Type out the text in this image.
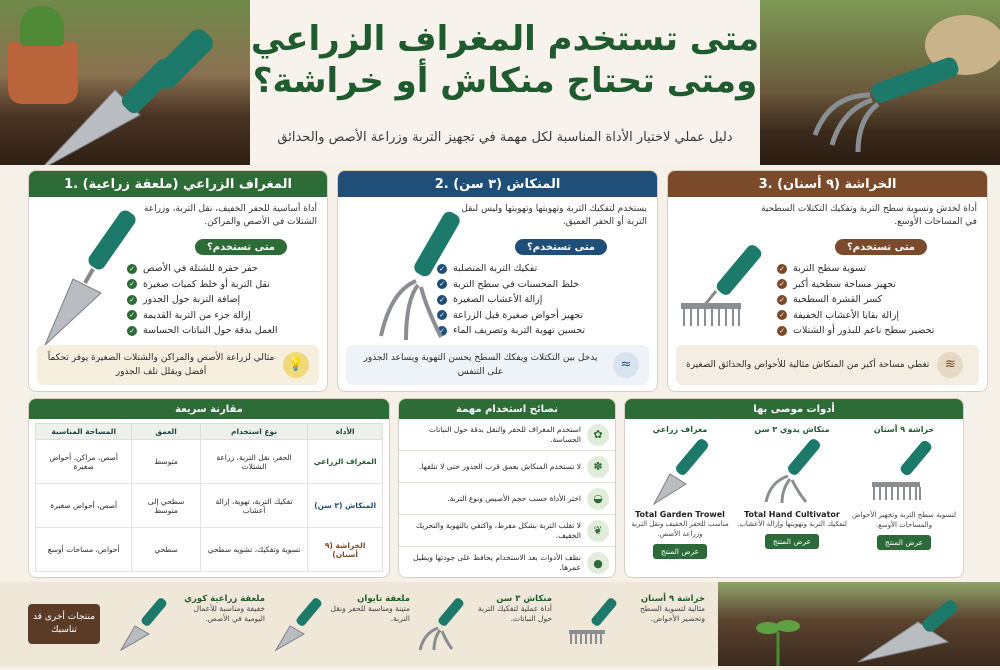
متى تستخدم المغراف الزراعي
ومتى تحتاج منكاش أو خراشة؟
دليل عملي لاختيار الأداة المناسبة لكل مهمة في تجهيز التربة وزراعة الأصص والحدائق
3. الخراشة (٩ أسنان)
أداة لخدش وتسوية سطح التربة وتفكيك التكتلات السطحية في المساحات الأوسع.
متى تستخدم؟
✓ تسوية سطح التربة
✓ تجهيز مساحة سطحية أكبر
✓ كسر القشرة السطحية
✓ إزالة بقايا الأعشاب الخفيفة
✓ تحضير سطح ناعم للبذور أو الشتلات
≋
تغطي مساحة أكبر من المنكاش مثالية للأحواض والحدائق الصغيرة
2. المنكاش (٣ سن)
يستخدم لتفكيك التربة وتهويتها وتهويتها وليس لنقل التربة أو الحفر العميق.
متى تستخدم؟
✓ تفكيك التربة المتصلبة
✓ خلط المحسنات في سطح التربة
✓ إزالة الأعشاب الصغيرة
✓ تجهيز أحواض صغيرة قبل الزراعة
✓ تحسين تهوية التربة وتصريف الماء
≈
يدخل بين التكتلات ويفكك السطح يحسن التهوية ويساعد الجذور على التنفس
1. المغراف الزراعي (ملعقة زراعية)
أداة أساسية للحفر الخفيف، نقل التربة، وزراعة الشتلات في الأصص والمراكن.
متى تستخدم؟
✓ حفر حفرة للشتلة في الأصص
✓ نقل التربة أو خلط كميات صغيرة
✓ إضافة التربة حول الجذور
✓ إزالة جزء من التربة القديمة
✓ العمل بدقة حول النباتات الحساسة
💡
مثالي لزراعة الأصص والمراكن والشتلات الصغيرة يوفر تحكماً أفضل ويقلل تلف الجذور
مقارنة سريعة
الأداة	نوع استخدام	العمق	المساحة المناسبة
المغراف الزراعي	الحفر، نقل التربة، زراعة الشتلات	متوسط	أصص، مراكن، أحواض صغيرة
المنكاش (٣ سن)	تفكيك التربة، تهوية، إزالة أعشاب	سطحي إلى متوسط	أصص، أحواض صغيرة
الخراشة (٩ أسنان)	تسوية وتفكيك، تشويه سطحي	سطحي	أحواض، مساحات أوسع
نصائح استخدام مهمة
✿
استخدم المغراف للحفر والنقل بدقة حول النباتات الحساسة.
✽
لا تستخدم المنكاش بعمق قرب الجذور حتى لا تتلفها.
◒
اختر الأداة حسب حجم الأصيص ونوع التربة.
❦
لا تقلب التربة بشكل مفرط، واكتفي بالتهوية والتحريك الخفيف.
●
نظف الأدوات بعد الاستخدام يحافظ على جودتها ويطيل عمرها.
أدوات موصى بها
خراشة ٩ أسنان
لتسوية سطح التربة وتجهيز الأحواض والمساحات الأوسع.
عرض المنتج
منكاش يدوي ٣ سن
Total Hand Cultivator
لتفكيك التربة وتهويتها وإزالة الأعشاب.
عرض المنتج
مغراف زراعي
Total Garden Trowel
مناسب للحفر الخفيف ونقل التربة وزراعة الأصص.
عرض المنتج
منتجات أخرى قد تناسبك
ملعقة زراعية كوري
خفيفة ومناسبة للأعمال اليومية في الأصص.
ملعقة تايوان
متينة ومناسبة للحفر ونقل التربة.
منكاش ٣ سن
أداة عملية لتفكيك التربة حول النباتات.
خراشة ٩ أسنان
مثالية لتسوية السطح وتحضير الأحواض.
